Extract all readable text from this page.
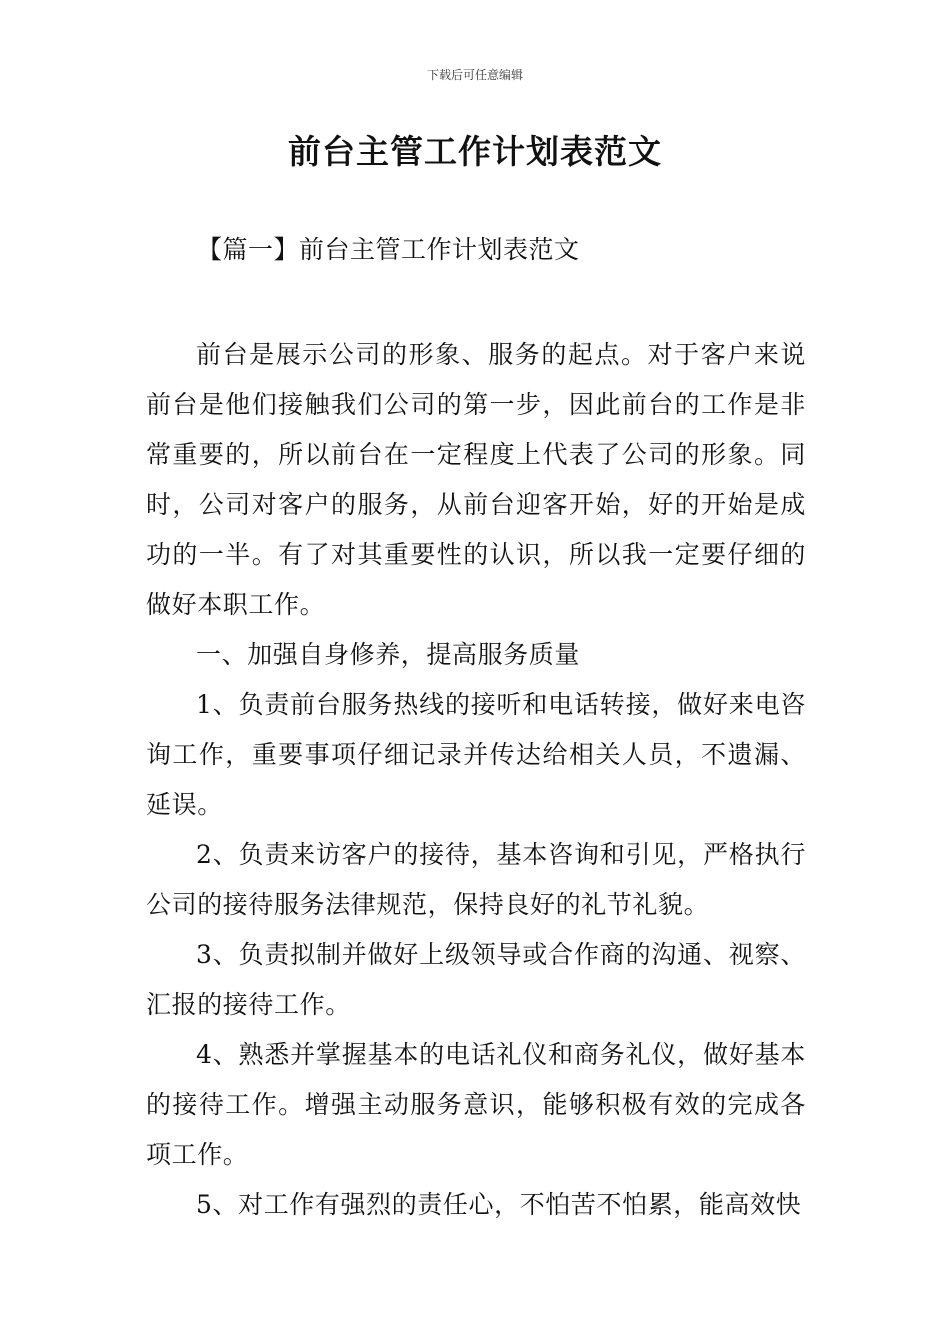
下载后可任意编辑
前台主管工作计划表范文
【篇一】前台主管工作计划表范文

前台是展示公司的形象、服务的起点。对于客户来说前台是他们接触我们公司的第一步，因此前台的工作是非常重要的，所以前台在一定程度上代表了公司的形象。同时，公司对客户的服务，从前台迎客开始，好的开始是成功的一半。有了对其重要性的认识，所以我一定要仔细的做好本职工作。

一、加强自身修养，提高服务质量

1、负责前台服务热线的接听和电话转接，做好来电咨询工作，重要事项仔细记录并传达给相关人员，不遗漏、延误。

2、负责来访客户的接待，基本咨询和引见，严格执行公司的接待服务法律规范，保持良好的礼节礼貌。

3、负责拟制并做好上级领导或合作商的沟通、视察、汇报的接待工作。

4、熟悉并掌握基本的电话礼仪和商务礼仪，做好基本的接待工作。增强主动服务意识，能够积极有效的完成各项工作。

5、对工作有强烈的责任心，不怕苦不怕累，能高效快
